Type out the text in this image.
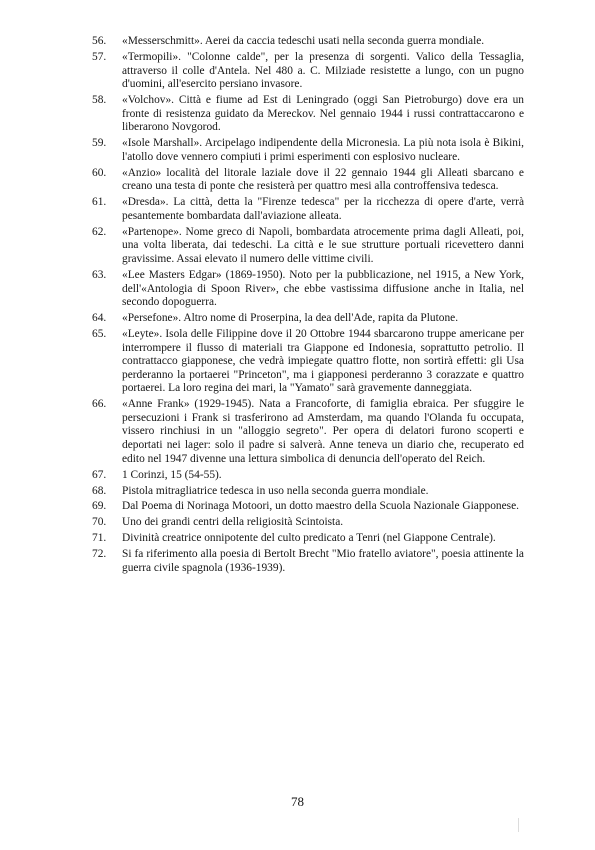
56.	«Messerschmitt». Aerei da caccia tedeschi usati nella seconda guerra mondiale.
57.	«Termopili». "Colonne calde", per la presenza di sorgenti. Valico della Tessaglia, attraverso il colle d'Antela. Nel 480 a. C. Milziade resistette a lungo, con un pugno d'uomini, all'esercito persiano invasore.
58.	«Volchov». Città e fiume ad Est di Leningrado (oggi San Pietroburgo) dove era un fronte di resistenza guidato da Mereckov. Nel gennaio 1944 i russi contrattaccarono e liberarono Novgorod.
59.	«Isole Marshall». Arcipelago indipendente della Micronesia. La più nota isola è Bikini, l'atollo dove vennero compiuti i primi esperimenti con esplosivo nucleare.
60.	«Anzio» località del litorale laziale dove il 22 gennaio 1944 gli Alleati sbarcano e creano una testa di ponte che resisterà per quattro mesi alla controffensiva tedesca.
61.	«Dresda». La città, detta la "Firenze tedesca" per la ricchezza di opere d'arte, verrà pesantemente bombardata dall'aviazione alleata.
62.	«Partenope». Nome greco di Napoli, bombardata atrocemente prima dagli Alleati, poi, una volta liberata, dai tedeschi. La città e le sue strutture portuali ricevettero danni gravissime. Assai elevato il numero delle vittime civili.
63.	«Lee Masters Edgar» (1869-1950). Noto per la pubblicazione, nel 1915, a New York, dell'«Antologia di Spoon River», che ebbe vastissima diffusione anche in Italia, nel secondo dopoguerra.
64.	«Persefone». Altro nome di Proserpina, la dea dell'Ade, rapita da Plutone.
65.	«Leyte». Isola delle Filippine dove il 20 Ottobre 1944 sbarcarono truppe americane per interrompere il flusso di materiali tra Giappone ed Indonesia, soprattutto petrolio. Il contrattacco giapponese, che vedrà impiegate quattro flotte, non sortirà effetti: gli Usa perderanno la portaerei "Princeton", ma i giapponesi perderanno 3 corazzate e quattro portaerei. La loro regina dei mari, la "Yamato" sarà gravemente danneggiata.
66.	«Anne Frank» (1929-1945). Nata a Francoforte, di famiglia ebraica. Per sfuggire le persecuzioni i Frank si trasferirono ad Amsterdam, ma quando l'Olanda fu occupata, vissero rinchiusi in un "alloggio segreto". Per opera di delatori furono scoperti e deportati nei lager: solo il padre si salverà. Anne teneva un diario che, recuperato ed edito nel 1947 divenne una lettura simbolica di denuncia dell'operato del Reich.
67.	1 Corinzi, 15 (54-55).
68.	Pistola mitragliatrice tedesca in uso nella seconda guerra mondiale.
69.	Dal Poema di Norinaga Motoori, un dotto maestro della Scuola Nazionale Giapponese.
70.	Uno dei grandi centri della religiosità Scintoista.
71.	Divinità creatrice onnipotente del culto predicato a Tenri (nel Giappone Centrale).
72.	Si fa riferimento alla poesia di Bertolt Brecht "Mio fratello aviatore", poesia attinente la guerra civile spagnola (1936-1939).
78
